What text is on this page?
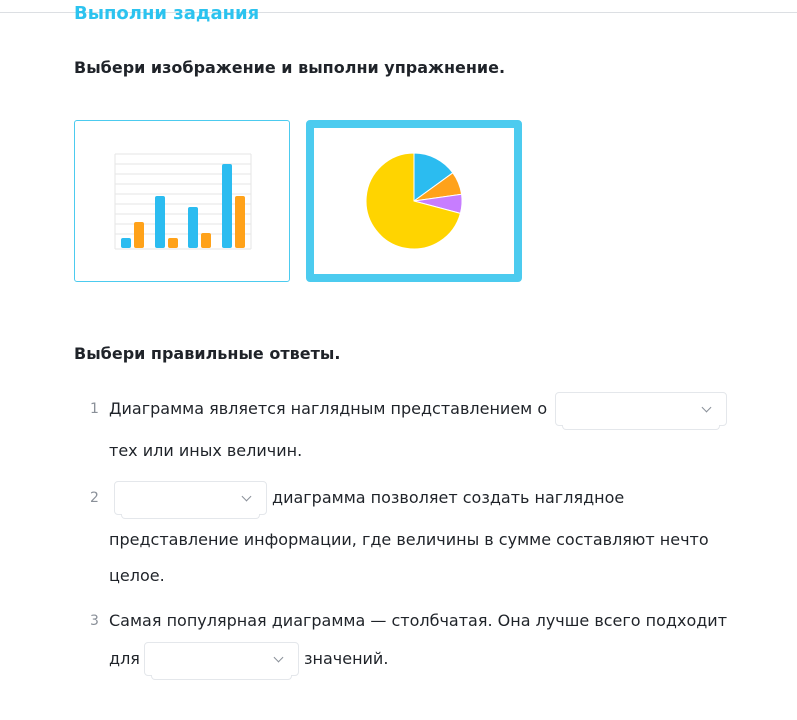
Выполни задания
Выбери изображение и выполни упражнение.
Выбери правильные ответы.
1 Диаграмма является наглядным представлением о
тех или иных величин.
2	диаграмма позволяет создать наглядное
представление информации, где величины в сумме составляют нечто
целое.
3 Самая популярная диаграмма — столбчатая. Она лучше всего подходит
для	значений.
